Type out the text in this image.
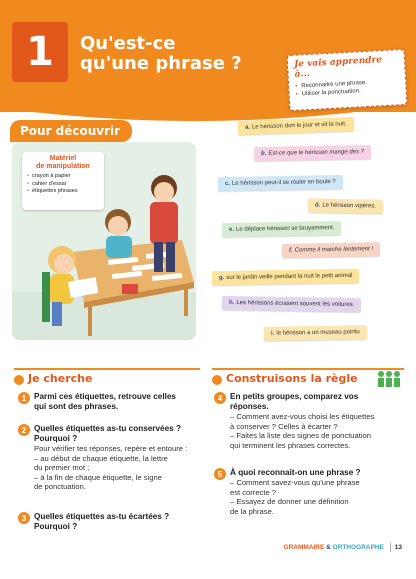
1	Qu'est-ce
qu'une phrase ?	Je vais apprendre à...
• Reconnaitre une phrase.
• Utiliser la ponctuation.
Pour découvrir
Matériel
de manipulation
• crayon à papier
• cahier d'essai
• étiquettes phrases
a. Le hérisson dort le jour et vit la nuit.
b. Est-ce que le hérisson mange des ?
c. Le hérisson peut-il se rouler en boule ?
d. Le hérisson vipères.
e. Le déplace hérisson se bruyamment.
f. Comme il marche lentement !
g. sur le jardin veille pendant la nuit le petit animal
h. Les hérissons écrasent souvent les voitures.
i. le hérisson a un museau pointu
Je cherche
1 Parmi ces étiquettes, retrouve celles
qui sont des phrases.
2 Quelles étiquettes as-tu conservées ?
Pourquoi ?
Pour vérifier tes réponses, repère et entoure :
– au début de chaque étiquette, la lettre
du premier mot ;
– à la fin de chaque étiquette, le signe
de ponctuation.
3 Quelles étiquettes as-tu écartées ?
Pourquoi ?
Construisons la règle
4 En petits groupes, comparez vos
réponses.
– Comment avez-vous choisi les étiquettes
à conserver ? Celles à écarter ?
– Faites la liste des signes de ponctuation
qui terminent les phrases correctes.
5 À quoi reconnait-on une phrase ?
– Comment savez-vous qu'une phrase
est correcte ?
– Essayez de donner une définition
de la phrase.
GRAMMAIRE & ORTHOGRAPHE 13
